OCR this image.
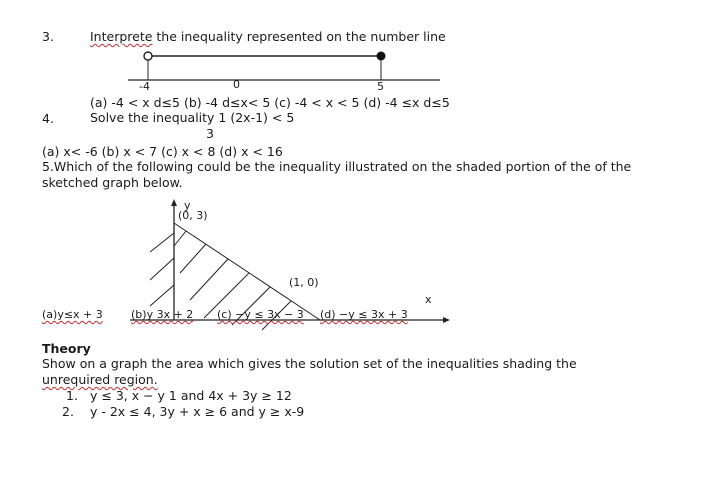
3.	Interprete the inequality represented on the number line
-4	0	5
(a) -4 < x d≤5 (b) -4 d≤x< 5 (c) -4 < x < 5 (d) -4 ≤x d≤5
4.	Solve the inequality 1 (2x-1) < 5
3
(a) x< -6 (b) x < 7 (c) x < 8 (d) x < 16
5.Which of the following could be the inequality illustrated on the shaded portion of the of the
sketched graph below.
y
(0, 3)
(1, 0)
x
(a)y≤x + 3	(b)y 3x + 2 (c) −y ≤ 3x − 3 (d) −y ≤ 3x + 3
Theory
Show on a graph the area which gives the solution set of the inequalities shading the
unrequired region.
1. y ≤ 3, x − y 1 and 4x + 3y ≥ 12
2. y - 2x ≤ 4, 3y + x ≥ 6 and y ≥ x-9
